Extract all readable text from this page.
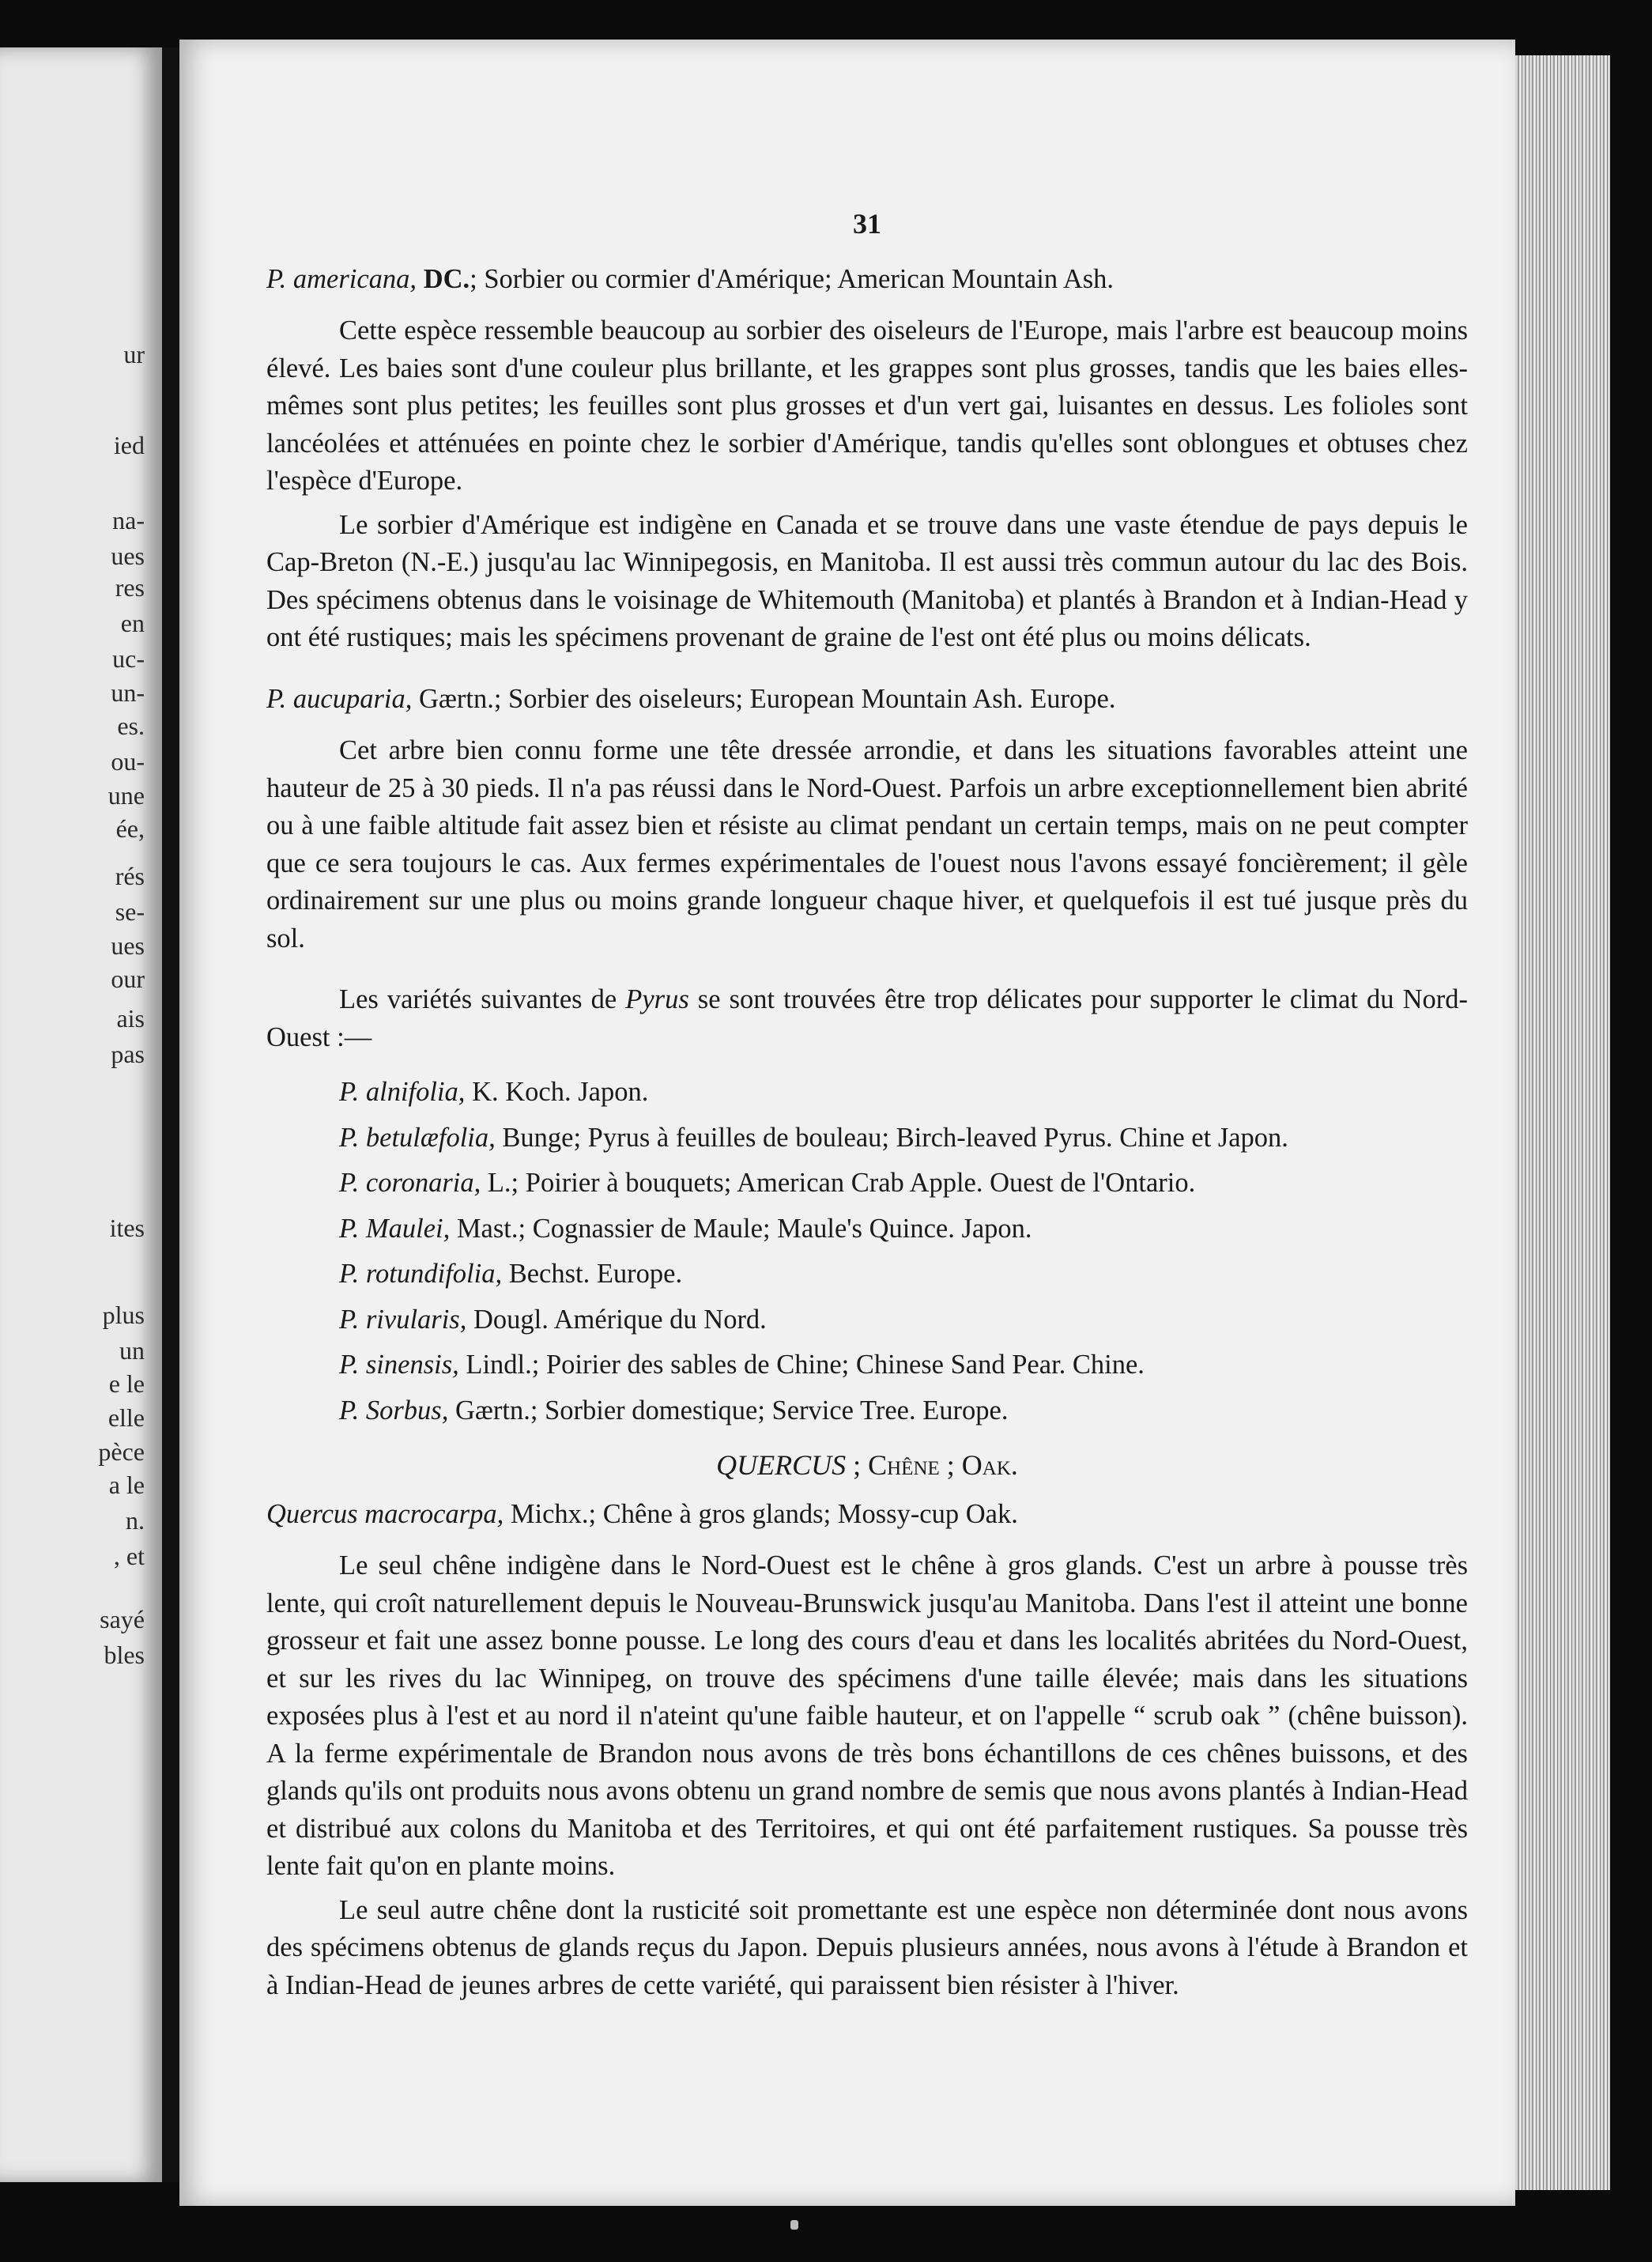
ur
ied
na-
ues
res
en
uc-
un-
es.
ou-
une
ée,
rés
se-
ues
our
ais
pas
ites
plus
un
e le
elle
pèce
a le
n.
, et
sayé
bles
31

P. americana, DC.; Sorbier ou cormier d'Amérique; American Mountain Ash.

Cette espèce ressemble beaucoup au sorbier des oiseleurs de l'Europe, mais l'arbre est beaucoup moins élevé. Les baies sont d'une couleur plus brillante, et les grappes sont plus grosses, tandis que les baies elles-mêmes sont plus petites; les feuilles sont plus grosses et d'un vert gai, luisantes en dessus. Les folioles sont lancéolées et atténuées en pointe chez le sorbier d'Amérique, tandis qu'elles sont oblongues et obtuses chez l'espèce d'Europe.

Le sorbier d'Amérique est indigène en Canada et se trouve dans une vaste étendue de pays depuis le Cap-Breton (N.-E.) jusqu'au lac Winnipegosis, en Manitoba. Il est aussi très commun autour du lac des Bois. Des spécimens obtenus dans le voisinage de Whitemouth (Manitoba) et plantés à Brandon et à Indian-Head y ont été rustiques; mais les spécimens provenant de graine de l'est ont été plus ou moins délicats.

P. aucuparia, Gærtn.; Sorbier des oiseleurs; European Mountain Ash. Europe.

Cet arbre bien connu forme une tête dressée arrondie, et dans les situations favorables atteint une hauteur de 25 à 30 pieds. Il n'a pas réussi dans le Nord-Ouest. Parfois un arbre exceptionnellement bien abrité ou à une faible altitude fait assez bien et résiste au climat pendant un certain temps, mais on ne peut compter que ce sera toujours le cas. Aux fermes expérimentales de l'ouest nous l'avons essayé foncièrement; il gèle ordinairement sur une plus ou moins grande longueur chaque hiver, et quelquefois il est tué jusque près du sol.

Les variétés suivantes de Pyrus se sont trouvées être trop délicates pour supporter le climat du Nord-Ouest :—

P. alnifolia, K. Koch. Japon.

P. betulæfolia, Bunge; Pyrus à feuilles de bouleau; Birch-leaved Pyrus. Chine et Japon.

P. coronaria, L.; Poirier à bouquets; American Crab Apple. Ouest de l'Ontario.

P. Maulei, Mast.; Cognassier de Maule; Maule's Quince. Japon.

P. rotundifolia, Bechst. Europe.

P. rivularis, Dougl. Amérique du Nord.

P. sinensis, Lindl.; Poirier des sables de Chine; Chinese Sand Pear. Chine.

P. Sorbus, Gærtn.; Sorbier domestique; Service Tree. Europe.

QUERCUS ; Chêne ; Oak.

Quercus macrocarpa, Michx.; Chêne à gros glands; Mossy-cup Oak.

Le seul chêne indigène dans le Nord-Ouest est le chêne à gros glands. C'est un arbre à pousse très lente, qui croît naturellement depuis le Nouveau-Brunswick jusqu'au Manitoba. Dans l'est il atteint une bonne grosseur et fait une assez bonne pousse. Le long des cours d'eau et dans les localités abritées du Nord-Ouest, et sur les rives du lac Winnipeg, on trouve des spécimens d'une taille élevée; mais dans les situations exposées plus à l'est et au nord il n'ateint qu'une faible hauteur, et on l'appelle “ scrub oak ” (chêne buisson). A la ferme expérimentale de Brandon nous avons de très bons échantillons de ces chênes buissons, et des glands qu'ils ont produits nous avons obtenu un grand nombre de semis que nous avons plantés à Indian-Head et distribué aux colons du Manitoba et des Territoires, et qui ont été parfaitement rustiques. Sa pousse très lente fait qu'on en plante moins.

Le seul autre chêne dont la rusticité soit promettante est une espèce non déterminée dont nous avons des spécimens obtenus de glands reçus du Japon. Depuis plusieurs années, nous avons à l'étude à Brandon et à Indian-Head de jeunes arbres de cette variété, qui paraissent bien résister à l'hiver.
